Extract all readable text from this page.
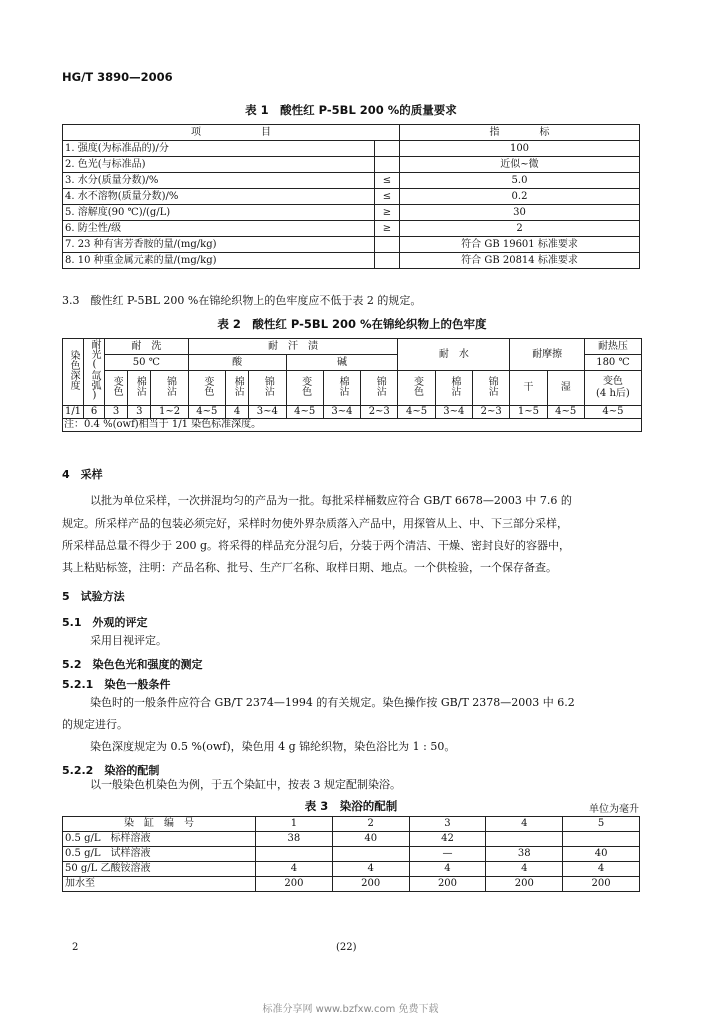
HG/T 3890—2006
表 1　酸性红 P-5BL 200 %的质量要求
项　　　　　　目		指　　　　标
1. 强度(为标准品的)/分		100
2. 色光(与标准品)		近似~微
3. 水分(质量分数)/%	≤	5.0
4. 水不溶物(质量分数)/%	≤	0.2
5. 溶解度(90 ℃)/(g/L)	≥	30
6. 防尘性/级	≥	2
7. 23 种有害芳香胺的量/(mg/kg)		符合 GB 19601 标准要求
8. 10 种重金属元素的量/(mg/kg)		符合 GB 20814 标准要求
3.3　酸性红 P-5BL 200 %在锦纶织物上的色牢度应不低于表 2 的规定。
表 2　酸性红 P-5BL 200 %在锦纶织物上的色牢度
染色深度	耐光(氙弧)	耐　洗			耐　汗　渍						耐　水			耐摩擦		耐热压
		50 ℃			酸			碱								180 ℃
		变色	棉沾	锦沾	变色	棉沾	锦沾	变色	棉沾	锦沾	变色	棉沾	锦沾	干	湿	变色
(4 h后)
1/1	6	3	3	1~2	4~5	4	3~4	4~5	3~4	2~3	4~5	3~4	2~3	1~5	4~5	4~5
注：0.4 %(owf)相当于 1/1 染色标准深度。																
4　采样
以批为单位采样，一次拼混均匀的产品为一批。每批采样桶数应符合 GB/T 6678—2003 中 7.6 的
规定。所采样产品的包装必须完好，采样时勿使外界杂质落入产品中，用探管从上、中、下三部分采样，
所采样品总量不得少于 200 g。将采得的样品充分混匀后，分装于两个清洁、干燥、密封良好的容器中，
其上粘贴标签，注明：产品名称、批号、生产厂名称、取样日期、地点。一个供检验，一个保存备查。
5　试验方法
5.1　外观的评定
采用目视评定。
5.2　染色色光和强度的测定
5.2.1　染色一般条件
染色时的一般条件应符合 GB/T 2374—1994 的有关规定。染色操作按 GB/T 2378—2003 中 6.2
的规定进行。
染色深度规定为 0.5 %(owf)，染色用 4 g 锦纶织物，染色浴比为 1 : 50。
5.2.2　染浴的配制
以一般染色机染色为例，于五个染缸中，按表 3 规定配制染浴。
表 3　染浴的配制	单位为毫升
染　缸　编　号	1	2	3	4	5
0.5 g/L　标样溶液	38	40	42		
0.5 g/L　试样溶液			—	38	40
50 g/L 乙酸铵溶液	4	4	4	4	4
加水至	200	200	200	200	200
2	(22)
标准分享网 www.bzfxw.com 免费下载
